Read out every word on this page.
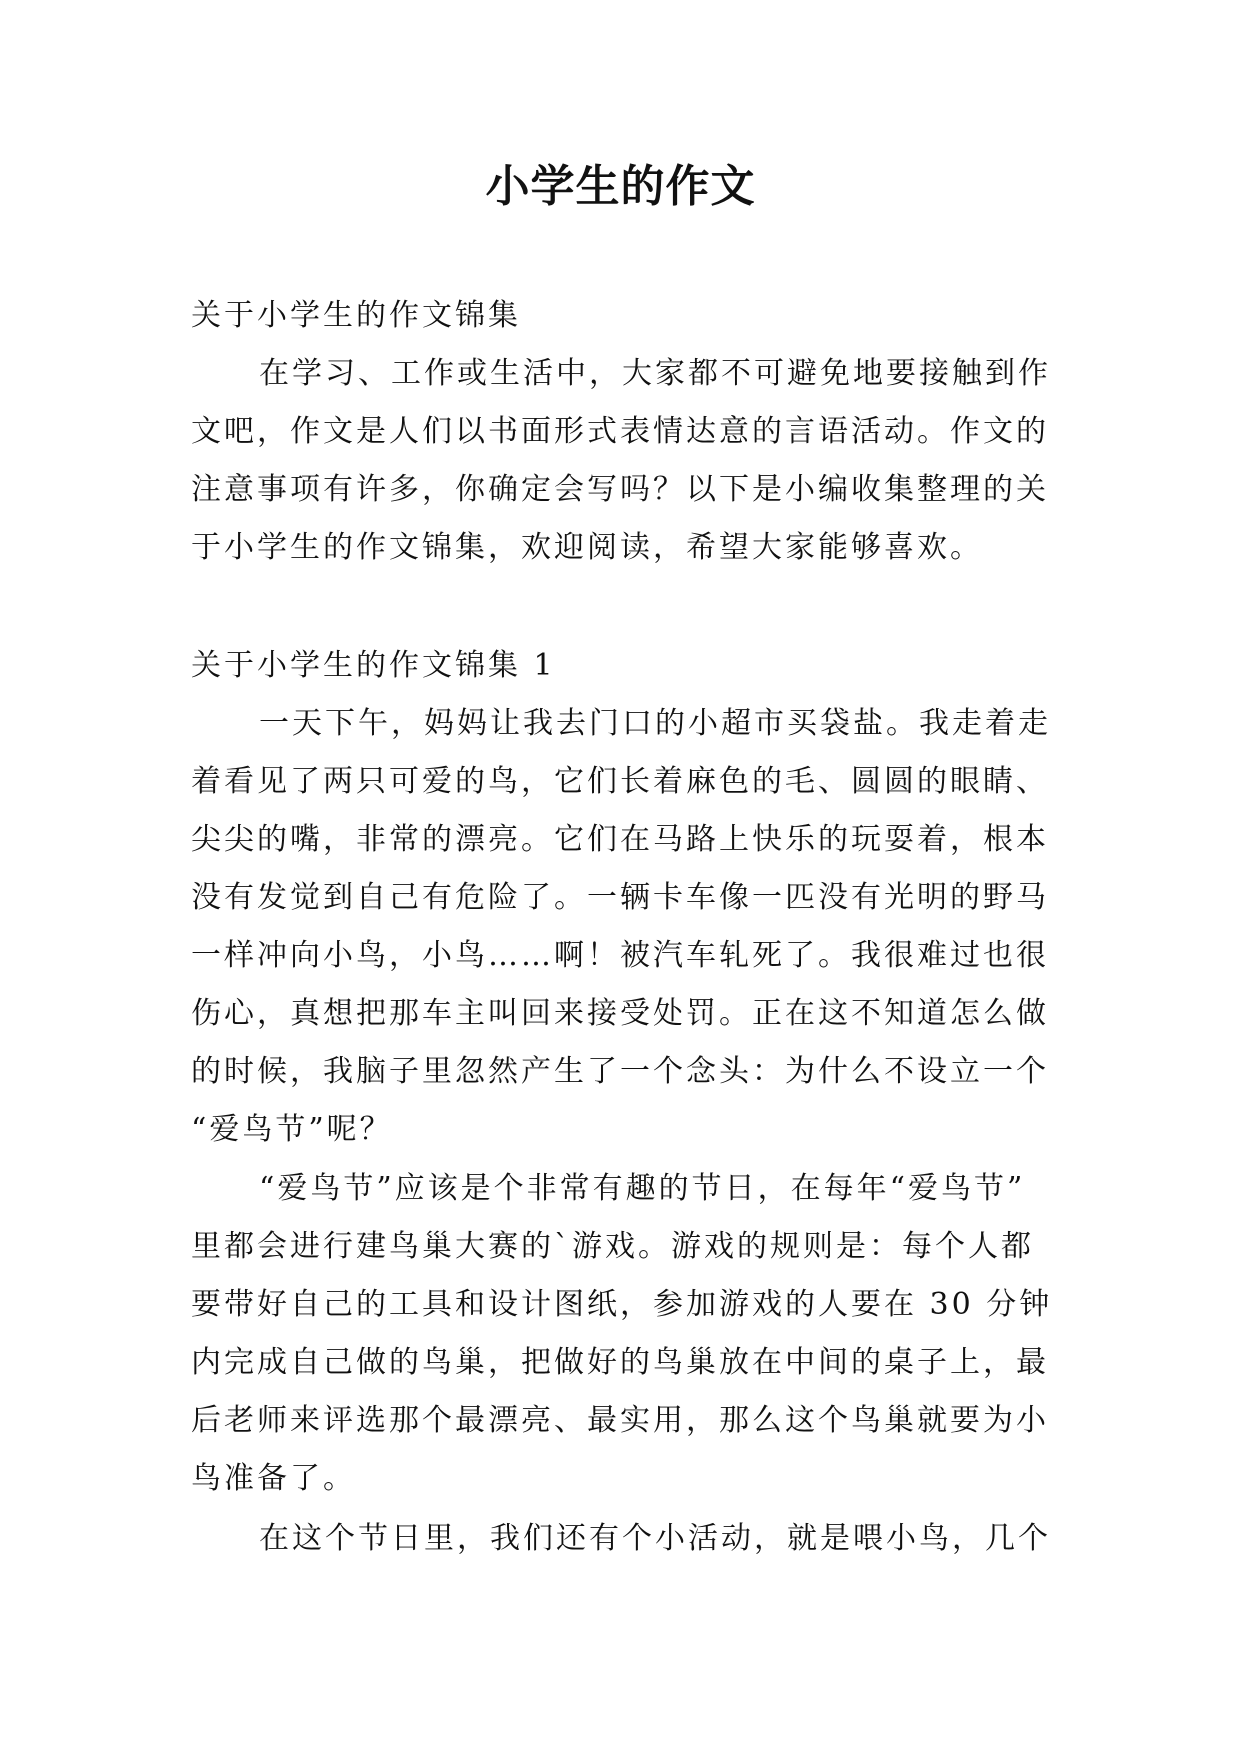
小学生的作文
关于小学生的作文锦集
在学习、工作或生活中，大家都不可避免地要接触到作
文吧，作文是人们以书面形式表情达意的言语活动。作文的
注意事项有许多，你确定会写吗？以下是小编收集整理的关
于小学生的作文锦集，欢迎阅读，希望大家能够喜欢。
关于小学生的作文锦集 1
一天下午，妈妈让我去门口的小超市买袋盐。我走着走
着看见了两只可爱的鸟，它们长着麻色的毛、圆圆的眼睛、
尖尖的嘴，非常的漂亮。它们在马路上快乐的玩耍着，根本
没有发觉到自己有危险了。一辆卡车像一匹没有光明的野马
一样冲向小鸟，小鸟……啊！被汽车轧死了。我很难过也很
伤心，真想把那车主叫回来接受处罚。正在这不知道怎么做
的时候，我脑子里忽然产生了一个念头：为什么不设立一个
“爱鸟节”呢？
“爱鸟节”应该是个非常有趣的节日，在每年“爱鸟节”
里都会进行建鸟巢大赛的`游戏。游戏的规则是：每个人都
要带好自己的工具和设计图纸，参加游戏的人要在 30 分钟
内完成自己做的鸟巢，把做好的鸟巢放在中间的桌子上，最
后老师来评选那个最漂亮、最实用，那么这个鸟巢就要为小
鸟准备了。
在这个节日里，我们还有个小活动，就是喂小鸟，几个
